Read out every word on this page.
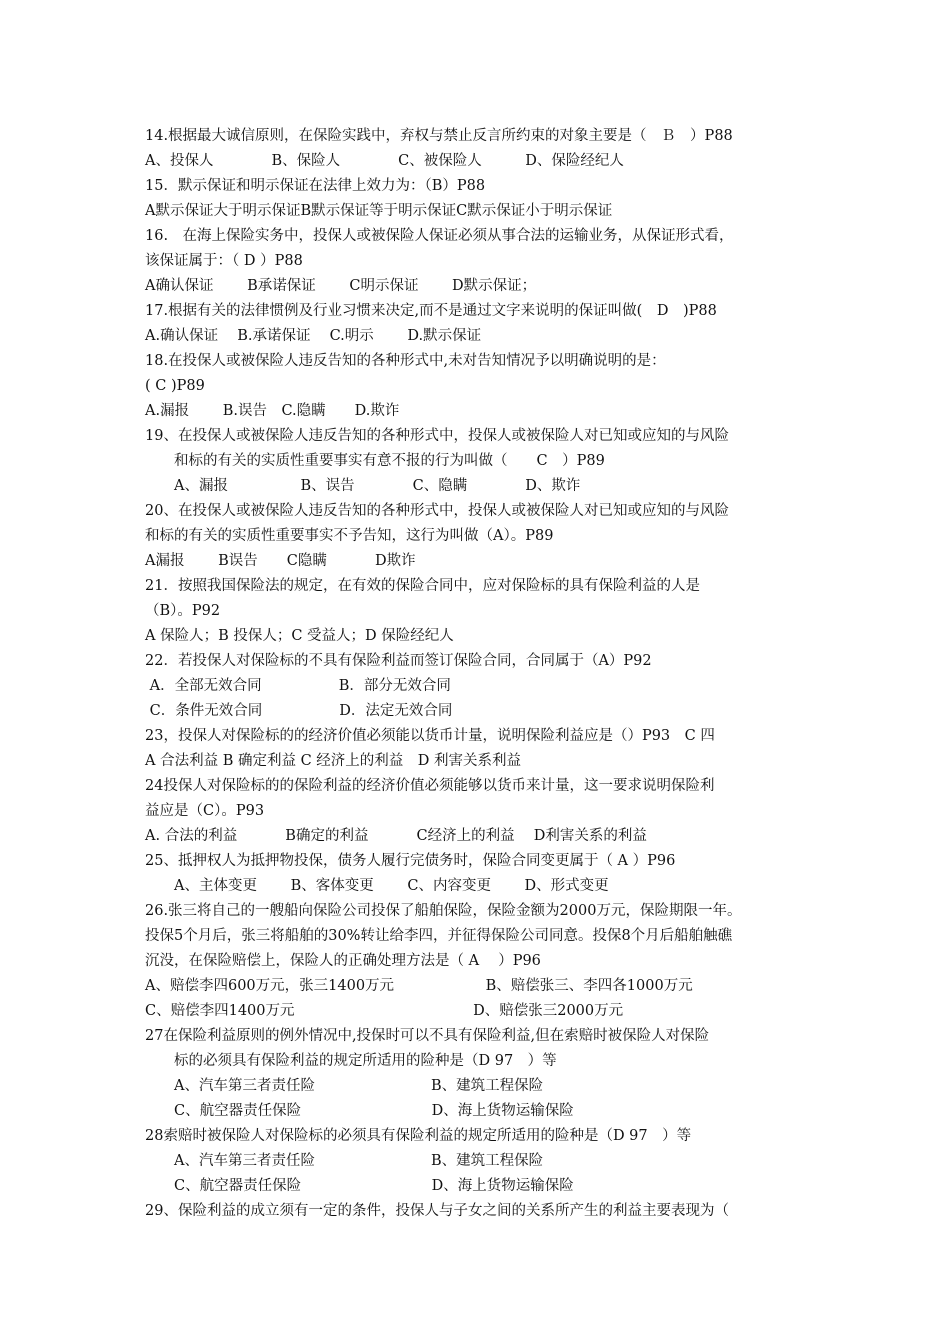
14.根据最大诚信原则，在保险实践中，弃权与禁止反言所约束的对象主要是（　Ｂ　）P88
A、投保人　　　　B、保险人　　　　C、被保险人　　　D、保险经纪人
15．默示保证和明示保证在法律上效力为：（B）P88
A默示保证大于明示保证B默示保证等于明示保证C默示保证小于明示保证
16.　在海上保险实务中，投保人或被保险人保证必须从事合法的运输业务，从保证形式看，
该保证属于：（ D ）P88
A确认保证　　 B承诺保证　　 C明示保证　　 D默示保证；
17.根据有关的法律惯例及行业习惯来决定,而不是通过文字来说明的保证叫做(　D　)P88
A.确认保证　 B.承诺保证　 C.明示　　 D.默示保证
18.在投保人或被保险人违反告知的各种形式中,未对告知情况予以明确说明的是：
( C )P89
A.漏报　　 B.误告　C.隐瞒　　D.欺诈
19、在投保人或被保险人违反告知的各种形式中，投保人或被保险人对已知或应知的与风险
　　和标的有关的实质性重要事实有意不报的行为叫做（　　C　）P89
　　A、漏报　　　　　B、误告　　　　C、隐瞒　　　　D、欺诈
20、在投保人或被保险人违反告知的各种形式中，投保人或被保险人对已知或应知的与风险
和标的有关的实质性重要事实不予告知，这行为叫做（A）。P89
A漏报　　 B误告　　C隐瞒　　　 D欺诈
21．按照我国保险法的规定，在有效的保险合同中，应对保险标的具有保险利益的人是
（B）。P92
A 保险人；B 投保人；C 受益人；D 保险经纪人
22．若投保人对保险标的不具有保险利益而签订保险合同，合同属于（A）P92
A．全部无效合同　　　　　 B．部分无效合同
C．条件无效合同　　　　　 D．法定无效合同
23，投保人对保险标的的经济价值必须能以货币计量，说明保险利益应是（）P93　C 四
A 合法利益 B 确定利益 C 经济上的利益　D 利害关系利益
24投保人对保险标的的保险利益的经济价值必须能够以货币来计量，这一要求说明保险利
益应是（C）。P93
A. 合法的利益　　　 B确定的利益　　　 C经济上的利益　 D利害关系的利益
25、抵押权人为抵押物投保，债务人履行完债务时，保险合同变更属于（ A ）P96
　　A、主体变更　　 B、客体变更　　 C、内容变更　　 D、形式变更
26.张三将自己的一艘船向保险公司投保了船舶保险，保险金额为2000万元，保险期限一年。
投保5个月后，张三将船舶的30%转让给李四，并征得保险公司同意。投保8个月后船舶触礁
沉没，在保险赔偿上，保险人的正确处理方法是（ A　 ）P96
A、赔偿李四600万元，张三1400万元　　　　　　 B、赔偿张三、李四各1000万元
C、赔偿李四1400万元　　　　　　　　　　　　 D、赔偿张三2000万元
27在保险利益原则的例外情况中,投保时可以不具有保险利益,但在索赔时被保险人对保险
　　标的必须具有保险利益的规定所适用的险种是（D 97　）等
　　A、汽车第三者责任险　　　　　　　　B、建筑工程保险
　　C、航空器责任保险　　　　　　　　　D、海上货物运输保险
28索赔时被保险人对保险标的必须具有保险利益的规定所适用的险种是（D 97　）等
　　A、汽车第三者责任险　　　　　　　　B、建筑工程保险
　　C、航空器责任保险　　　　　　　　　D、海上货物运输保险
29、保险利益的成立须有一定的条件，投保人与子女之间的关系所产生的利益主要表现为（
